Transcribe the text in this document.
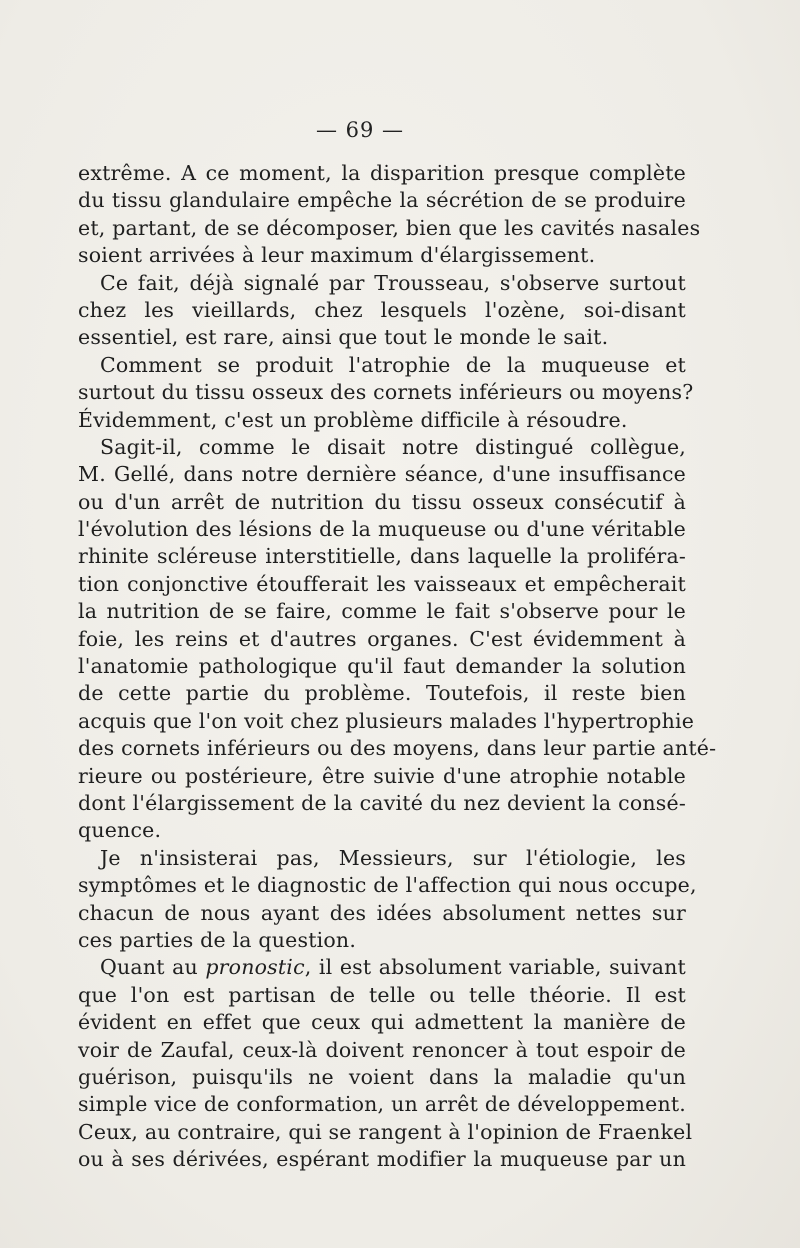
— 69 —
extrême. A ce moment, la disparition presque complète
du tissu glandulaire empêche la sécrétion de se produire
et, partant, de se décomposer, bien que les cavités nasales
soient arrivées à leur maximum d'élargissement.
Ce fait, déjà signalé par Trousseau, s'observe surtout
chez les vieillards, chez lesquels l'ozène, soi-disant
essentiel, est rare, ainsi que tout le monde le sait.
Comment se produit l'atrophie de la muqueuse et
surtout du tissu osseux des cornets inférieurs ou moyens?
Évidemment, c'est un problème difficile à résoudre.
Sagit-il, comme le disait notre distingué collègue,
M. Gellé, dans notre dernière séance, d'une insuffisance
ou d'un arrêt de nutrition du tissu osseux consécutif à
l'évolution des lésions de la muqueuse ou d'une véritable
rhinite scléreuse interstitielle, dans laquelle la proliféra-
tion conjonctive étoufferait les vaisseaux et empêcherait
la nutrition de se faire, comme le fait s'observe pour le
foie, les reins et d'autres organes. C'est évidemment à
l'anatomie pathologique qu'il faut demander la solution
de cette partie du problème. Toutefois, il reste bien
acquis que l'on voit chez plusieurs malades l'hypertrophie
des cornets inférieurs ou des moyens, dans leur partie anté-
rieure ou postérieure, être suivie d'une atrophie notable
dont l'élargissement de la cavité du nez devient la consé-
quence.
Je n'insisterai pas, Messieurs, sur l'étiologie, les
symptômes et le diagnostic de l'affection qui nous occupe,
chacun de nous ayant des idées absolument nettes sur
ces parties de la question.
Quant au pronostic, il est absolument variable, suivant
que l'on est partisan de telle ou telle théorie. Il est
évident en effet que ceux qui admettent la manière de
voir de Zaufal, ceux-là doivent renoncer à tout espoir de
guérison, puisqu'ils ne voient dans la maladie qu'un
simple vice de conformation, un arrêt de développement.
Ceux, au contraire, qui se rangent à l'opinion de Fraenkel
ou à ses dérivées, espérant modifier la muqueuse par un
